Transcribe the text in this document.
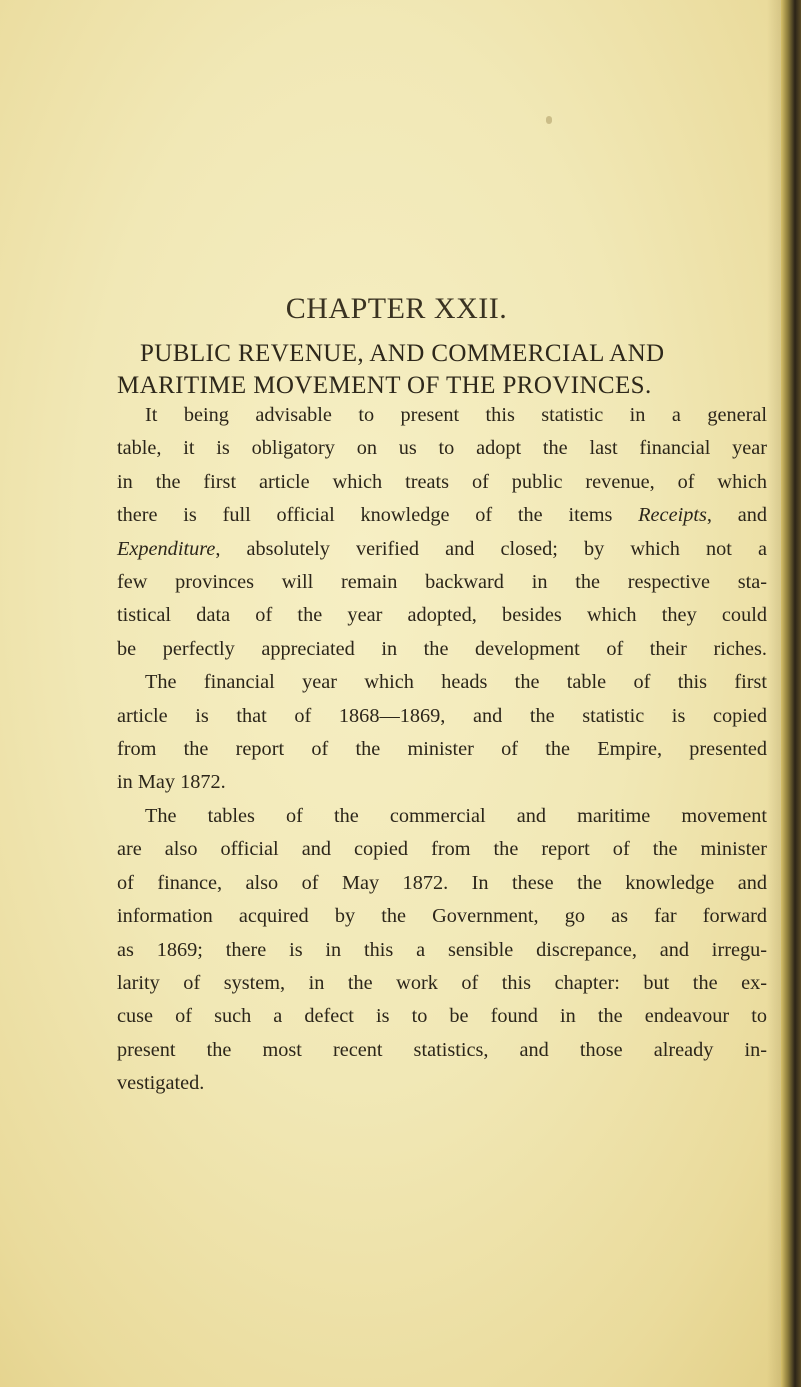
CHAPTER XXII.
PUBLIC REVENUE, AND COMMERCIAL AND
MARITIME MOVEMENT OF THE PROVINCES.
It being advisable to present this statistic in a general
table, it is obligatory on us to adopt the last financial year
in the first article which treats of public revenue, of which
there is full official knowledge of the items Receipts, and
Expenditure, absolutely verified and closed; by which not a
few provinces will remain backward in the respective sta-
tistical data of the year adopted, besides which they could
be perfectly appreciated in the development of their riches.
The financial year which heads the table of this first
article is that of 1868—1869, and the statistic is copied
from the report of the minister of the Empire, presented
in May 1872.
The tables of the commercial and maritime movement
are also official and copied from the report of the minister
of finance, also of May 1872. In these the knowledge and
information acquired by the Government, go as far forward
as 1869; there is in this a sensible discrepance, and irregu-
larity of system, in the work of this chapter: but the ex-
cuse of such a defect is to be found in the endeavour to
present the most recent statistics, and those already in-
vestigated.
